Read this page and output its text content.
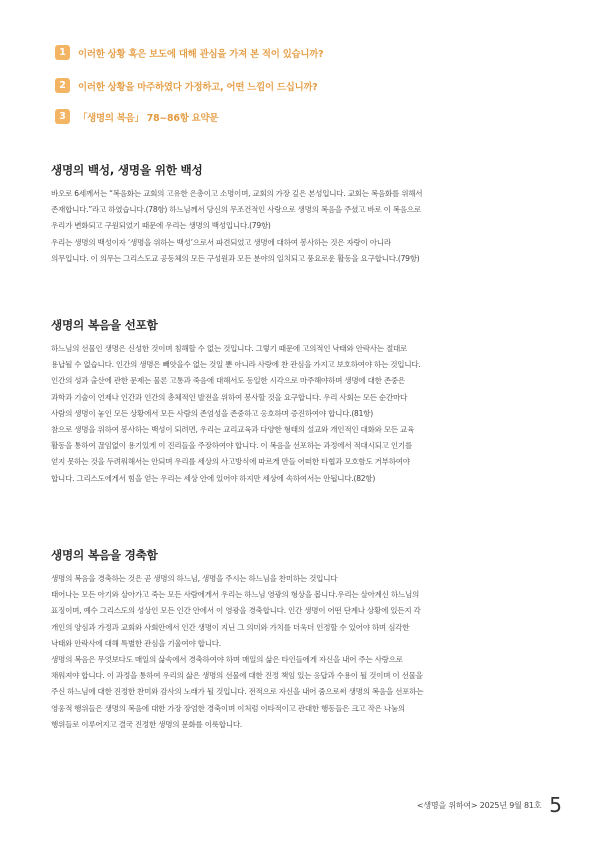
1	이러한 상황 혹은 보도에 대해 관심을 가져 본 적이 있습니까?
2	이러한 상황을 마주하였다 가정하고, 어떤 느낌이 드십니까?
3	「생명의 복음」 78~86항 요약문
생명의 백성, 생명을 위한 백성

바오로 6세께서는 “복음화는 교회의 고유한 은총이고 소명이며, 교회의 가장 깊은 본성입니다. 교회는 복음화를 위해서

존재합니다.”라고 하였습니다.(78항) 하느님께서 당신의 무조건적인 사랑으로 생명의 복음을 주셨고 바로 이 복음으로

우리가 변화되고 구원되었기 때문에 우리는 생명의 백성입니다.(79항)

우리는 생명의 백성이자 ‘생명을 위하는 백성’으로서 파견되었고 생명에 대하여 봉사하는 것은 자랑이 아니라

의무입니다. 이 의무는 그리스도교 공동체의 모든 구성원과 모든 분야의 일치되고 풍요로운 활동을 요구합니다.(79항)

생명의 복음을 선포함

하느님의 선물인 생명은 신성한 것이며 침해할 수 없는 것입니다. 그렇기 때문에 고의적인 낙태와 안락사는 절대로

용납될 수 없습니다. 인간의 생명은 빼앗을수 없는 것일 뿐 아니라 사랑에 찬 관심을 가지고 보호하여야 하는 것입니다.

인간의 성과 출산에 관한 문제는 물론 고통과 죽음에 대해서도 동일한 시각으로 마주해야하며 생명에 대한 존중은

과학과 기술이 언제나 인간과 인간의 총체적인 발전을 위하여 봉사할 것을 요구합니다. 우리 사회는 모든 순간마다

사람의 생명이 놓인 모든 상황에서 모든 사람의 존엄성을 존중하고 옹호하며 증진하여야 합니다.(81항)

참으로 생명을 위하여 봉사하는 백성이 되려면, 우리는 교리교육과 다양한 형태의 설교와 개인적인 대화와 모든 교육

활동을 통하여 끊임없이 용기있게 이 진리들을 주장하여야 합니다. 이 복음을 선포하는 과정에서 적대시되고 인기를

얻지 못하는 것을 두려워해서는 안되며 우리를 세상의 사고방식에 따르게 만들 어떠한 타협과 모호함도 거부하여야

합니다. 그리스도에게서 힘을 얻는 우리는 세상 안에 있어야 하지만 세상에 속하여서는 안됩니다.(82항)

생명의 복음을 경축함

생명의 복음을 경축하는 것은 곧 생명의 하느님, 생명을 주시는 하느님을 찬미하는 것입니다

태어나는 모든 아기와 살아가고 죽는 모든 사람에게서 우리는 하느님 영광의 형상을 봅니다.우리는 살아계신 하느님의

표징이며, 예수 그리스도의 성상인 모든 인간 안에서 이 영광을 경축합니다. 인간 생명이 어떤 단계나 상황에 있든지 각

개인의 양심과 가정과 교회와 사회안에서 인간 생명이 지닌 그 의미와 가치를 더욱더 인정할 수 있어야 하며 심각한

낙태와 안락사에 대해 특별한 관심을 기울여야 합니다.

생명의 복음은 무엇보다도 매일의 삶속에서 경축하여야 하며 매일의 삶은 타인들에게 자신을 내어 주는 사랑으로

채워져야 합니다. 이 과정을 통하여 우리의 삶은 생명의 선물에 대한 진정 책임 있는 응답과 수용이 될 것이며 이 선물을

주신 하느님에 대한 진정한 찬미와 감사의 노래가 될 것입니다. 전적으로 자신을 내어 줌으로써 생명의 복음을 선포하는

영웅적 행위들은 생명의 복음에 대한 가장 장엄한 경축이며 이처럼 이타적이고 관대한 행동들은 크고 작은 나눔의

행위들로 이루어지고 결국 진정한 생명의 문화를 이룩합니다.

<생명을 위하여> 2025년 9월 81호 5
